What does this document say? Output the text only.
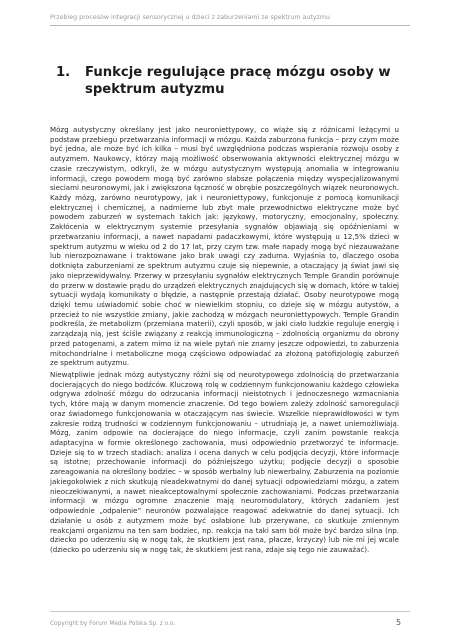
Przebieg procesów integracji sensorycznej u dzieci z zaburzeniami ze spektrum autyzmu
1.	Funkcje regulujące pracę mózgu osoby w spektrum autyzmu

Mózg autystyczny określany jest jako neuroniettypowy, co wiąże się z różnicami leżącymi u podstaw przebiegu przetwarzania informacji w mózgu. Każda zaburzona funkcja – przy czym może być jedna, ale może być ich kilka – musi być uwzględniona podczas wspierania rozwoju osoby z autyzmem. Naukowcy, którzy mają możliwość obserwowania aktywności elektrycznej mózgu w czasie rzeczywistym, odkryli, że w mózgu autystycznym występują anomalia w integrowaniu informacji, czego powodem mogą być zarówno słabsze połączenia między wyspecjalizowanymi sieciami neuronowymi, jak i zwiększona łączność w obrębie poszczególnych wiązek neuronowych. Każdy mózg, zarówno neurotypowy, jak i neuroniettypowy, funkcjonuje z pomocą komunikacji elektrycznej i chemicznej, a nadmierne lub zbyt małe przewodnictwo elektryczne może być powodem zaburzeń w systemach takich jak: językowy, motoryczny, emocjonalny, społeczny. Zakłócenia w elektrycznym systemie przesyłania sygnałów objawiają się opóźnieniami w przetwarzaniu informacji, a nawet napadami padaczkowymi, które występują u 12,5% dzieci w spektrum autyzmu w wieku od 2 do 17 lat, przy czym tzw. małe napady mogą być niezauważane lub nierozpoznawane i traktowane jako brak uwagi czy zaduma. Wyjaśnia to, dlaczego osoba dotknięta zaburzeniami ze spektrum autyzmu czuje się niepewnie, a otaczający ją świat jawi się jako nieprzewidywalny. Przerwy w przesyłaniu sygnałów elektrycznych Temple Grandin porównuje do przerw w dostawie prądu do urządzeń elektrycznych znajdujących się w domach, które w takiej sytuacji wydają komunikaty o błędzie, a następnie przestają działać. Osoby neurotypowe mogą dzięki temu uświadomić sobie choć w niewielkim stopniu, co dzieje się w mózgu autystów, a przecież to nie wszystkie zmiany, jakie zachodzą w mózgach neuroniettypowych. Temple Grandin podkreśla, że metabolizm (przemiana materii), czyli sposób, w jaki ciało ludzkie reguluje energię i zarządzają nią, jest ściśle związany z reakcją immunologiczną – zdolnością organizmu do obrony przed patogenami, a zatem mimo iż na wiele pytań nie znamy jeszcze odpowiedzi, to zaburzenia mitochondrialne i metaboliczne mogą częściowo odpowiadać za złożoną patofizjologię zaburzeń ze spektrum autyzmu.

Niewątpliwie jednak mózg autystyczny różni się od neurotypowego zdolnością do przetwarzania docierających do niego bodźców. Kluczową rolę w codziennym funkcjonowaniu każdego człowieka odgrywa zdolność mózgu do odrzucania informacji nieistotnych i jednoczesnego wzmacniania tych, które mają w danym momencie znaczenie. Od tego bowiem zależy zdolność samoregulacji oraz świadomego funkcjonowania w otaczającym nas świecie. Wszelkie nieprawidłowości w tym zakresie rodzą trudności w codziennym funkcjonowaniu – utrudniają je, a nawet uniemożliwiają. Mózg, zanim odpowie na docierające do niego informacje, czyli zanim powstanie reakcja adaptacyjna w formie określonego zachowania, musi odpowiednio przetworzyć te informacje. Dzieje się to w trzech stadiach: analiza i ocena danych w celu podjęcia decyzji, które informacje są istotne; przechowanie informacji do późniejszego użytku; podjęcie decyzji o sposobie zareagowania na określony bodziec – w sposób werbalny lub niewerbalny. Zaburzenia na poziomie jakiegokolwiek z nich skutkują nieadekwatnymi do danej sytuacji odpowiedziami mózgu, a zatem nieoczekiwanymi, a nawet nieakceptowalnymi społecznie zachowaniami. Podczas przetwarzania informacji w mózgu ogromne znaczenie mają neuromodulatory, których zadaniem jest odpowiednie „odpalenie” neuronów pozwalające reagować adekwatnie do danej sytuacji. Ich działanie u osób z autyzmem może być osłabione lub przerywane, co skutkuje zmiennym reakcjami organizmu na ten sam bodziec, np. reakcja na taki sam ból może być bardzo silna (np. dziecko po uderzeniu się w nogę tak, że skutkiem jest rana, płacze, krzyczy) lub nie mi jej wcale (dziecko po uderzeniu się w nogę tak, że skutkiem jest rana, zdaje się tego nie zauważać).

Copyright by Forum Media Polska Sp. z o.o.	5
